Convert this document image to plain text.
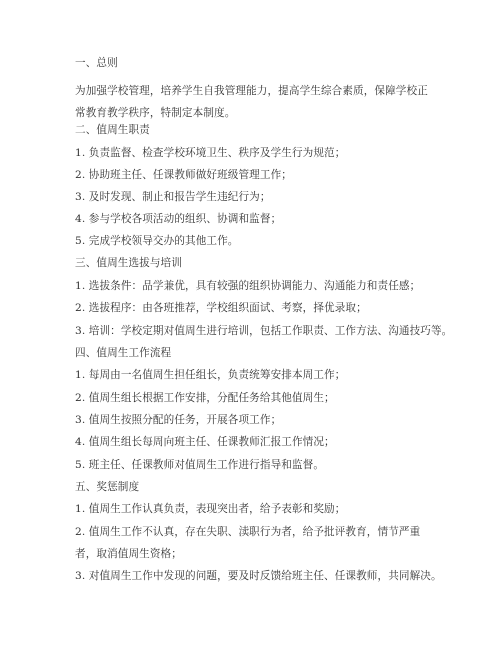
一、总则
为加强学校管理，培养学生自我管理能力，提高学生综合素质，保障学校正常教育教学秩序，特制定本制度。
二、值周生职责
1. 负责监督、检查学校环境卫生、秩序及学生行为规范；
2. 协助班主任、任课教师做好班级管理工作；
3. 及时发现、制止和报告学生违纪行为；
4. 参与学校各项活动的组织、协调和监督；
5. 完成学校领导交办的其他工作。
三、值周生选拔与培训
1. 选拔条件：品学兼优，具有较强的组织协调能力、沟通能力和责任感；
2. 选拔程序：由各班推荐，学校组织面试、考察，择优录取；
3. 培训：学校定期对值周生进行培训，包括工作职责、工作方法、沟通技巧等。
四、值周生工作流程
1. 每周由一名值周生担任组长，负责统筹安排本周工作；
2. 值周生组长根据工作安排，分配任务给其他值周生；
3. 值周生按照分配的任务，开展各项工作；
4. 值周生组长每周向班主任、任课教师汇报工作情况；
5. 班主任、任课教师对值周生工作进行指导和监督。
五、奖惩制度
1. 值周生工作认真负责，表现突出者，给予表彰和奖励；
2. 值周生工作不认真，存在失职、渎职行为者，给予批评教育，情节严重者，取消值周生资格；
3. 对值周生工作中发现的问题，要及时反馈给班主任、任课教师，共同解决。
